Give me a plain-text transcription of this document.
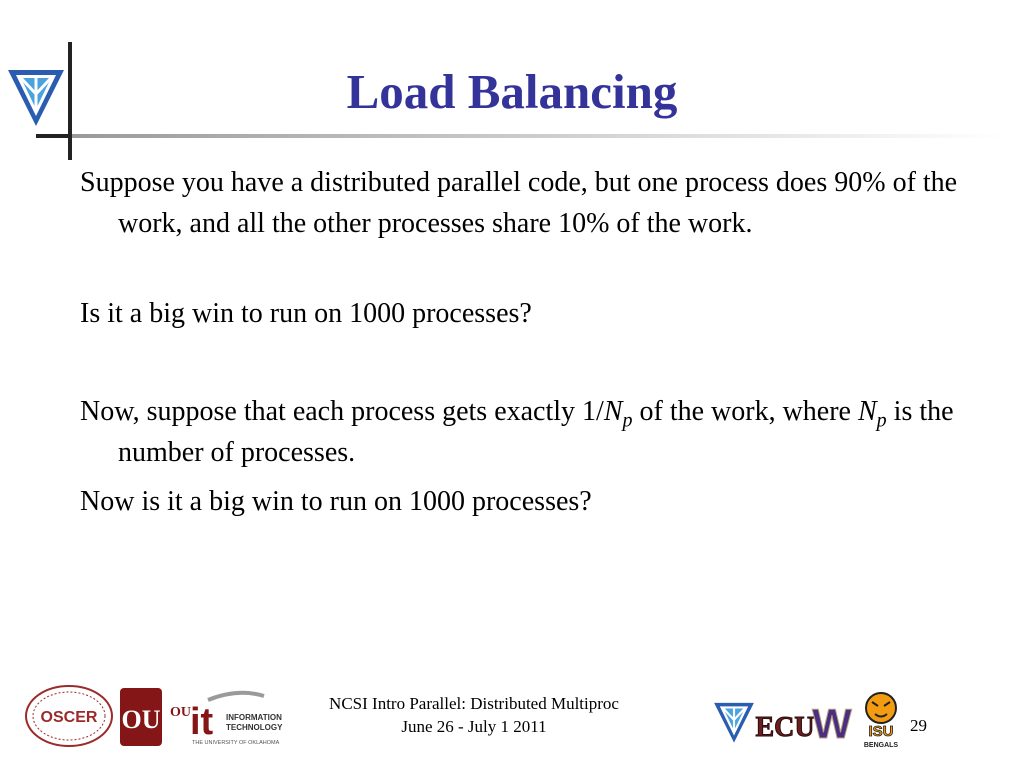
Load Balancing
Suppose you have a distributed parallel code, but one process does 90% of the work, and all the other processes share 10% of the work.
Is it a big win to run on 1000 processes?
Now, suppose that each process gets exactly $1/N_p$ of the work, where $N_p$ is the number of processes.
Now is it a big win to run on 1000 processes?
OSCER OU OU it INFORMATION
TECHNOLOGY
THE UNIVERSITY OF OKLAHOMA
NCSI Intro Parallel: Distributed Multiproc
June 26 - July 1 2011	ECU
W ISU
BENGALS
29
